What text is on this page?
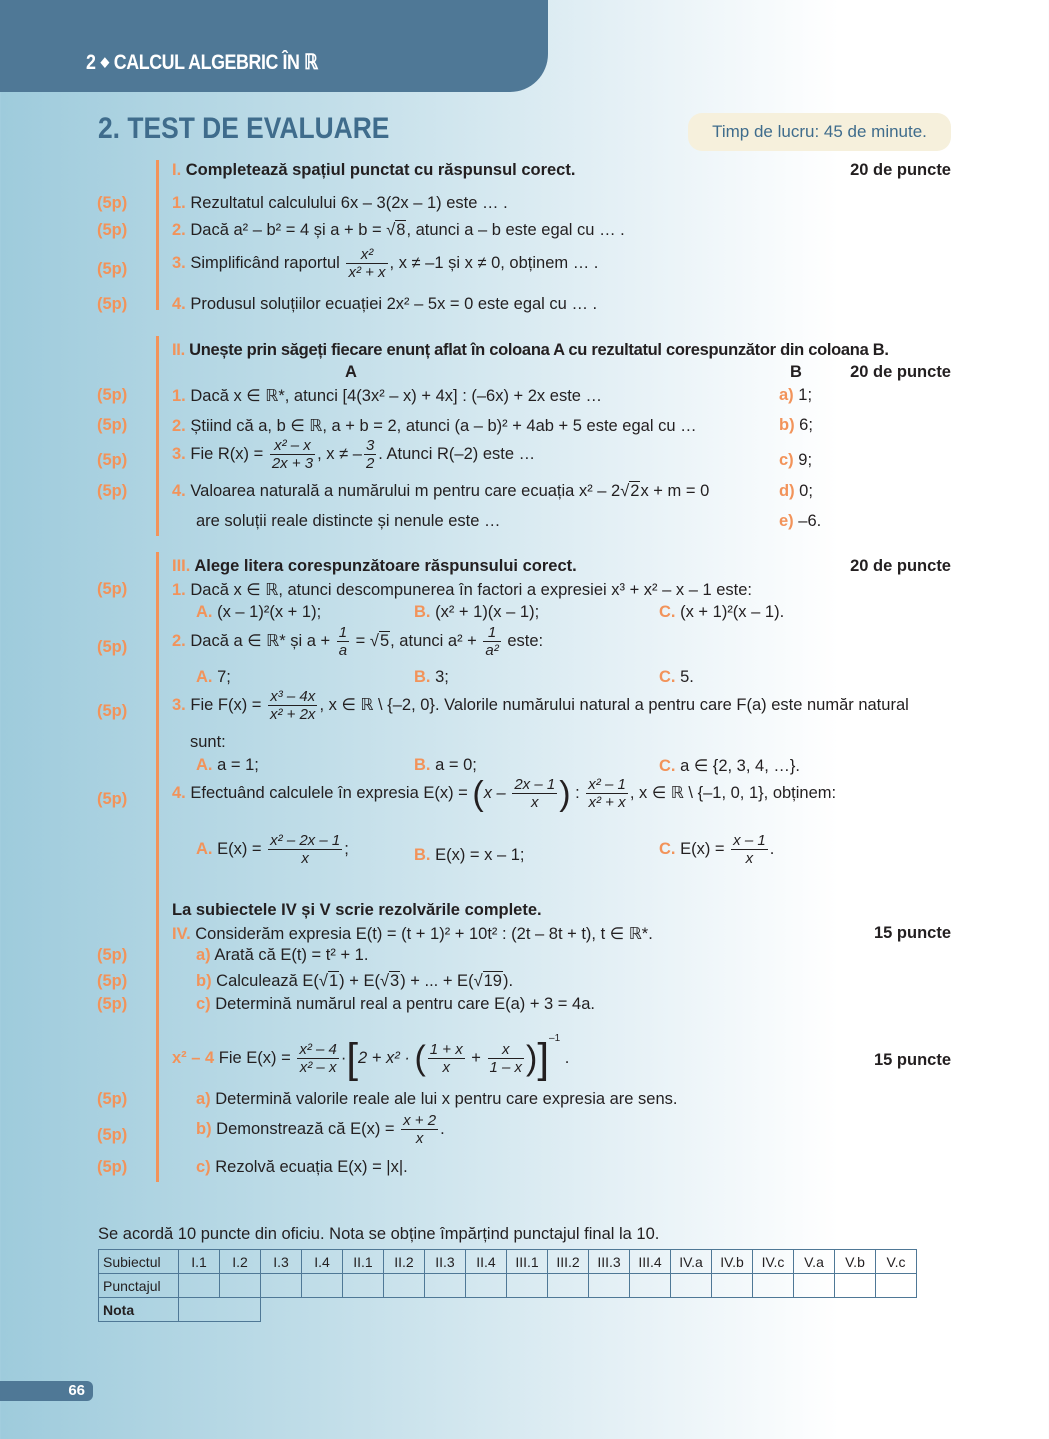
2 ◆ CALCUL ALGEBRIC ÎN ℝ
2. TEST DE EVALUARE	Timp de lucru: 45 de minute.
I. Completează spațiul punctat cu răspunsul corect.	20 de puncte
(5p)	1. Rezultatul calculului 6x – 3(2x – 1) este … .
(5p)	2. Dacă a² – b² = 4 și a + b = √8, atunci a – b este egal cu … .
(5p)	3. Simplificând raportul $\frac{\text{x²}}{\text{x² + x}}$ , x ≠ –1 și x ≠ 0, obținem … .
(5p)	4. Produsul soluțiilor ecuației 2x² – 5x = 0 este egal cu … .
II. Unește prin săgeți fiecare enunț aflat în coloana A cu rezultatul corespunzător din coloana B.
A	B	20 de puncte
(5p)	1. Dacă x ∈ ℝ*, atunci [4(3x² – x) + 4x] : (–6x) + 2x este …	a) 1;
(5p)	2. Știind că a, b ∈ ℝ, a + b = 2, atunci (a – b)² + 4ab + 5 este egal cu …	b) 6;
(5p)	3. Fie $R(x) = \frac{\text{x² – x}}{2x + 3}$ , x ≠ – $\frac{3}{2}$ . Atunci R(–2) este …	c) 9;
(5p)	4. Valoarea naturală a numărului m pentru care ecuația x² – 2√2x + m = 0	d) 0;
are soluții reale distincte și nenule este …	e) –6.
III. Alege litera corespunzătoare răspunsului corect.	20 de puncte
(5p)	1. Dacă x ∈ ℝ, atunci descompunerea în factori a expresiei x³ + x² – x – 1 este:
A. (x – 1)²(x + 1);	B. (x² + 1)(x – 1);	C. (x + 1)²(x – 1).
(5p)	2. Dacă a ∈ ℝ* și $a + \frac{1}{a} = √5$, atunci $a^2 + \frac{1}{\text{a²}}$ este:
A. 7;	B. 3;	C. 5.
(5p)	3. Fie $F(x) = \frac{\text{x³ – 4x}}{\text{x² + 2x}}$ , x ∈ ℝ \ {–2, 0}. Valorile numărului natural a pentru care F(a) este număr natural
sunt:
A. a = 1;	B. a = 0;	C. a ∈ {2, 3, 4, …}.
(5p)	4. Efectuând calculele în expresia $E(x) = (x - \frac{2x - 1}{x}$ ) : $\frac{\text{x² – 1}}{\text{x² + x}}$ , x ∈ ℝ \ {–1, 0, 1}, obținem:
A. $E(x) = \frac{\text{x² – 2x – 1}}{x}$ ;	B. E(x) = x – 1;	C. $E(x) = \frac{x - 1}{x}$ .
La subiectele IV și V scrie rezolvările complete.
IV. Considerăm expresia E(t) = (t + 1)² + 10t² : (2t – 8t + t), t ∈ ℝ*.	15 puncte
(5p)	a) Arată că E(t) = t² + 1.
(5p)	b) Calculează E(√1) + E(√3) + ... + E(√19).
(5p)	c) Determină numărul real a pentru care E(a) + 3 = 4a.
x² – 4 Fie $E(x) = \frac{\text{x² – 4}}{\text{x² – x}} \cdot[2 + x^2$ · ( $\frac{1 + x}{x} + \frac{x}{1 - x} )]^{-1}$ .	15 puncte
(5p)	a) Determină valorile reale ale lui x pentru care expresia are sens.
(5p)	b) Demonstrează că $E(x) = \frac{x + 2}{x}$ .
(5p)	c) Rezolvă ecuația E(x) = |x|.
Se acordă 10 puncte din oficiu. Nota se obține împărțind punctajul final la 10.
Subiectul	I.1	I.2	I.3	I.4	II.1	II.2	II.3	II.4	III.1	III.2	III.3	III.4	IV.a	IV.b	IV.c	V.a	V.b	V.c
Punctajul																		
Nota																		
66
